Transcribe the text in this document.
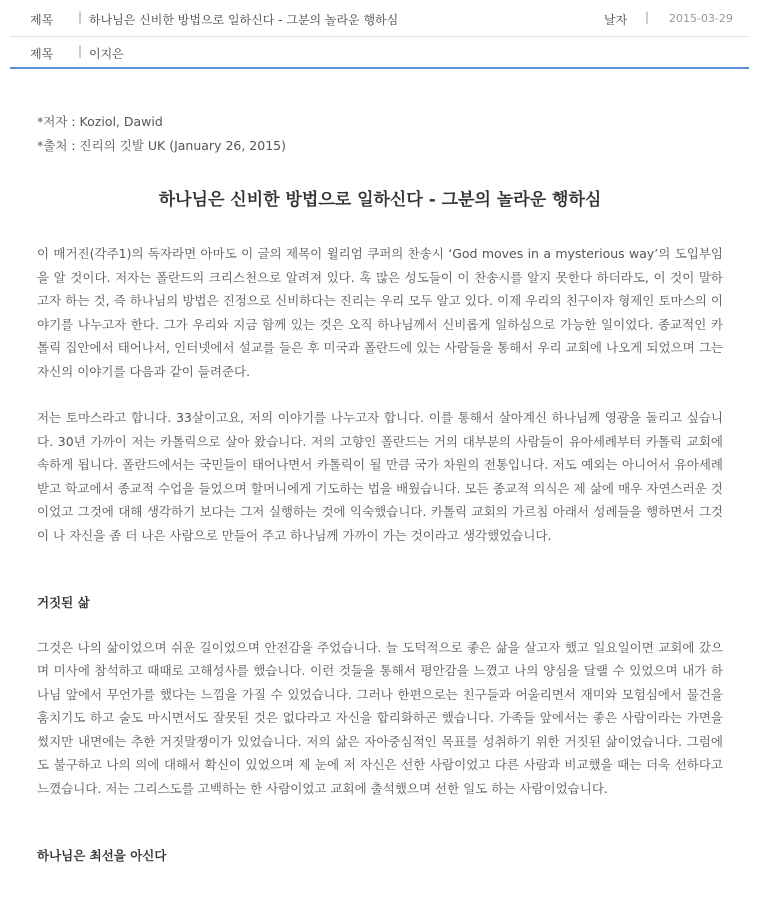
제목 | 하나님은 신비한 방법으로 일하신다 - 그분의 놀라운 행하심	날자 | 2015-03-29
제목 | 이지은

*저자 : Koziol, Dawid

*출처 : 진리의 깃발 UK (January 26, 2015)

하나님은 신비한 방법으로 일하신다 - 그분의 놀라운 행하심

이 매거진(각주1)의 독자라면 아마도 이 글의 제목이 윌리엄 쿠퍼의 찬송시 ‘God moves in a mysterious way’의 도입부임을 알 것이다. 저자는 폴란드의 크리스천으로 알려져 있다. 혹 많은 성도들이 이 찬송시를 알지 못한다 하더라도, 이 것이 말하고자 하는 것, 즉 하나님의 방법은 진정으로 신비하다는 진리는 우리 모두 알고 있다. 이제 우리의 친구이자 형제인 토마스의 이야기를 나누고자 한다. 그가 우리와 지금 함께 있는 것은 오직 하나님께서 신비롭게 일하심으로 가능한 일이었다. 종교적인 카톨릭 집안에서 태어나서, 인터넷에서 설교를 들은 후 미국과 폴란드에 있는 사람들을 통해서 우리 교회에 나오게 되었으며 그는 자신의 이야기를 다음과 같이 들려준다.

저는 토마스라고 합니다. 33살이고요, 저의 이야기를 나누고자 합니다. 이를 통해서 살아계신 하나님께 영광을 돌리고 싶습니다. 30년 가까이 저는 카톨릭으로 살아 왔습니다. 저의 고향인 폴란드는 거의 대부분의 사람들이 유아세례부터 카톨릭 교회에 속하게 됩니다. 폴란드에서는 국민들이 태어나면서 카톨릭이 될 만큼 국가 차원의 전통입니다. 저도 예외는 아니어서 유아세례 받고 학교에서 종교적 수업을 들었으며 할머니에게 기도하는 법을 배웠습니다. 모든 종교적 의식은 제 삶에 매우 자연스러운 것이었고 그것에 대해 생각하기 보다는 그저 실행하는 것에 익숙했습니다. 카톨릭 교회의 가르침 아래서 성례들을 행하면서 그것이 나 자신을 좀 더 나은 사람으로 만들어 주고 하나님께 가까이 가는 것이라고 생각했었습니다.

거짓된 삶

그것은 나의 삶이었으며 쉬운 길이었으며 안전감을 주었습니다. 늘 도덕적으로 좋은 삶을 살고자 했고 일요일이면 교회에 갔으며 미사에 참석하고 때때로 고해성사를 했습니다. 이런 것들을 통해서 평안감을 느꼈고 나의 양심을 달랠 수 있었으며 내가 하나님 앞에서 무언가를 했다는 느낌을 가질 수 있었습니다. 그러나 한편으로는 친구들과 어울리면서 재미와 모험심에서 물건을 훔치기도 하고 술도 마시면서도 잘못된 것은 없다라고 자신을 합리화하곤 했습니다. 가족들 앞에서는 좋은 사람이라는 가면을 썼지만 내면에는 추한 거짓말쟁이가 있었습니다. 저의 삶은 자아중심적인 목표를 성취하기 위한 거짓된 삶이었습니다. 그럼에도 불구하고 나의 의에 대해서 확신이 있었으며 제 눈에 저 자신은 선한 사람이었고 다른 사람과 비교했을 때는 더욱 선하다고 느꼈습니다. 저는 그리스도를 고백하는 한 사람이었고 교회에 출석했으며 선한 일도 하는 사람이었습니다.

하나님은 최선을 아신다
